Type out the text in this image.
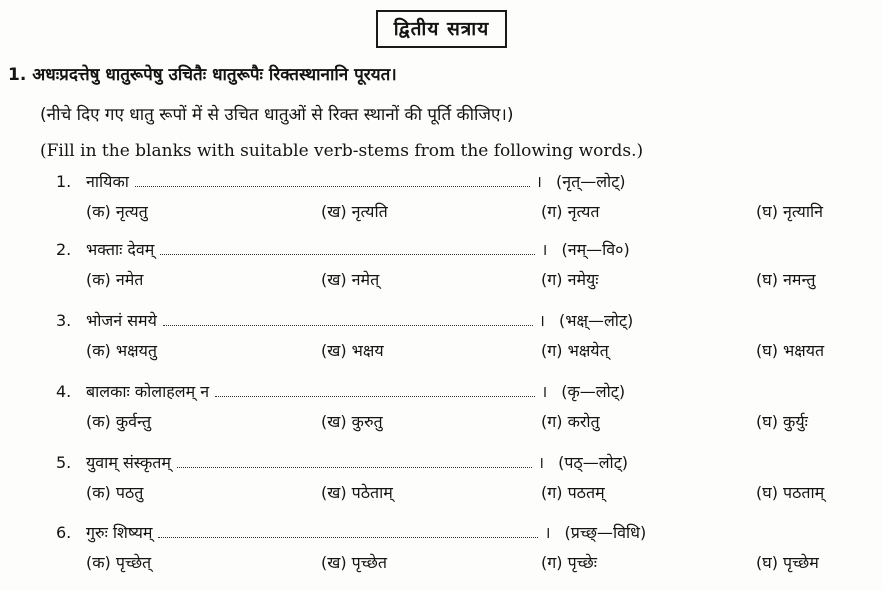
द्वितीय सत्राय
1. अधःप्रदत्तेषु धातुरूपेषु उचितैः धातुरूपैः रिक्तस्थानानि पूरयत।
(नीचे दिए गए धातु रूपों में से उचित धातुओं से रिक्त स्थानों की पूर्ति कीजिए।)
(Fill in the blanks with suitable verb-stems from the following words.)
1. नायिका	। (नृत्—लोट्)
(क) नृत्यतु	(ख) नृत्यति	(ग) नृत्यत	(घ) नृत्यानि
2. भक्ताः देवम्	। (नम्—वि०)
(क) नमेत	(ख) नमेत्	(ग) नमेयुः	(घ) नमन्तु
3. भोजनं समये	। (भक्ष्—लोट्)
(क) भक्षयतु	(ख) भक्षय	(ग) भक्षयेत्	(घ) भक्षयत
4. बालकाः कोलाहलम् न	। (कृ—लोट्)
(क) कुर्वन्तु	(ख) कुरुतु	(ग) करोतु	(घ) कुर्युः
5. युवाम् संस्कृतम्	। (पठ्—लोट्)
(क) पठतु	(ख) पठेताम्	(ग) पठतम्	(घ) पठताम्
6. गुरुः शिष्यम्	। (प्रच्छ्—विधि)
(क) पृच्छेत्	(ख) पृच्छेत	(ग) पृच्छेः	(घ) पृच्छेम
